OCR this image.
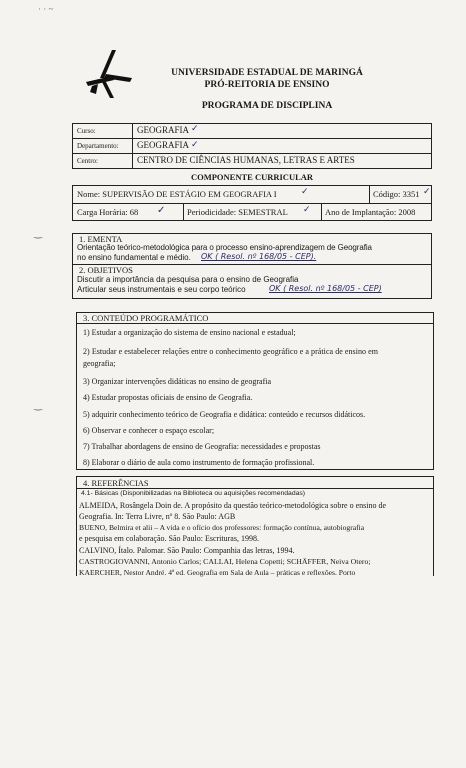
· · ~
UNIVERSIDADE ESTADUAL DE MARINGÁ
PRÓ-REITORIA DE ENSINO
PROGRAMA DE DISCIPLINA
Curso:	GEOGRAFIA ✓
Departamento: GEOGRAFIA ✓
Centro:	CENTRO DE CIÊNCIAS HUMANAS, LETRAS E ARTES
COMPONENTE CURRICULAR
Nome: SUPERVISÃO DE ESTÁGIO EM GEOGRAFIA I	✓	Código: 3351 ✓
Carga Horária: 68 ✓	Periodicidade: SEMESTRAL ✓ Ano de Implantação: 2008
‿
‿
1. EMENTA
Orientação teórico-metodológica para o processo ensino-aprendizagem de Geografia
no ensino fundamental e médio. OK ( Resol. nº 168/05 - CEP).
2. OBJETIVOS
Discutir a importância da pesquisa para o ensino de Geografia
Articular seus instrumentais e seu corpo teórico	OK ( Resol. nº 168/05 - CEP)
3. CONTEÚDO PROGRAMÁTICO
1) Estudar a organização do sistema de ensino nacional e estadual;
2) Estudar e estabelecer relações entre o conhecimento geográfico e a prática de ensino em
geografia;
3) Organizar intervenções didáticas no ensino de geografia
4) Estudar propostas oficiais de ensino de Geografia.
5) adquirir conhecimento teórico de Geografia e didática: conteúdo e recursos didáticos.
6) Observar e conhecer o espaço escolar;
7) Trabalhar abordagens de ensino de Geografia: necessidades e propostas
8) Elaborar o diário de aula como instrumento de formação profissional.
4. REFERÊNCIAS
4.1- Básicas (Disponibilizadas na Biblioteca ou aquisições recomendadas)
ALMEIDA, Rosângela Doin de. A propósito da questão teórico-metodológica sobre o ensino de
Geografia. In: Terra Livre, nº 8. São Paulo: AGB
BUENO, Belmira et alii – A vida e o ofício dos professores: formação contínua, autobiografia
e pesquisa em colaboração. São Paulo: Escrituras, 1998.
CALVINO, Ítalo. Palomar. São Paulo: Companhia das letras, 1994.
CASTROGIOVANNI, Antonio Carlos; CALLAI, Helena Copetti; SCHÄFFER, Neiva Otero;
KAERCHER, Nestor André. 4ª ed. Geografia em Sala de Aula – práticas e reflexões. Porto
